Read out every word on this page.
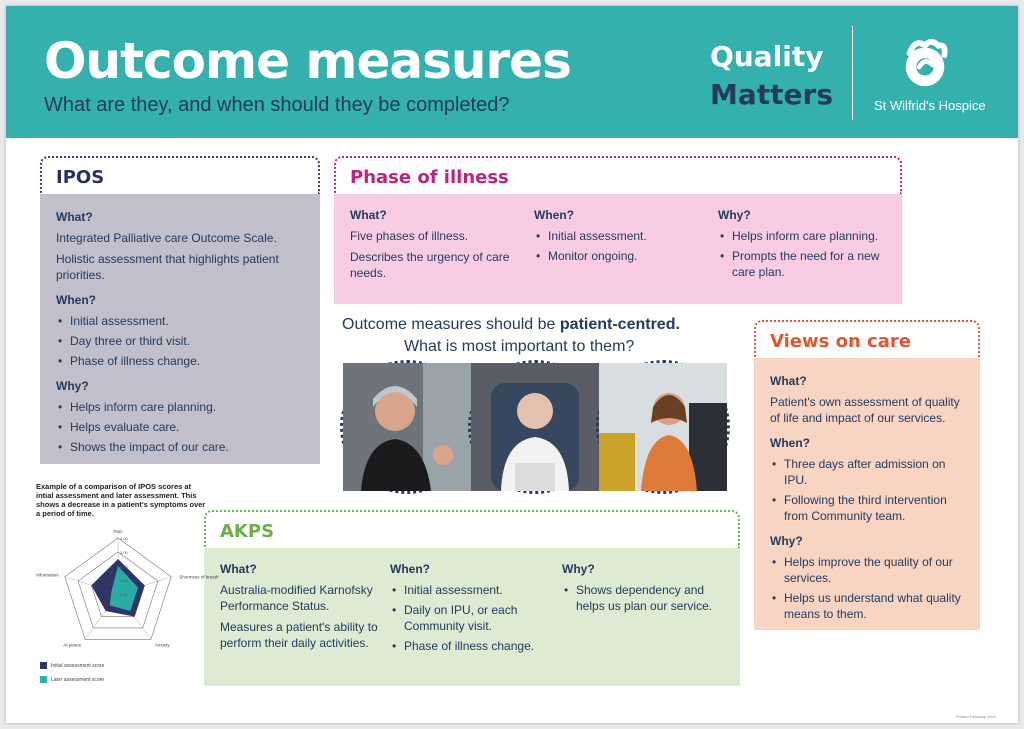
Outcome measures
What are they, and when should they be completed?
Quality
Matters	St Wilfrid's Hospice
IPOS
What?
Integrated Palliative care Outcome Scale.
Holistic assessment that highlights patient priorities.
When?
• Initial assessment.
• Day three or third visit.
• Phase of illness change.
Why?
• Helps inform care planning.
• Helps evaluate care.
• Shows the impact of our care.
Phase of illness
What?
Five phases of illness.
Describes the urgency of care needs.
When?
• Initial assessment.
• Monitor ongoing.
Why?
• Helps inform care planning.
• Prompts the need for a new care plan.
Outcome measures should be patient-centred.
What is most important to them?	Views on care
What?
Patient's own assessment of quality of life and impact of our services.
When?
• Three days after admission on IPU.
• Following the third intervention from Community team.
Why?
• Helps improve the quality of our services.
• Helps us understand what quality means to them.
AKPS
What?
Australia-modified Karnofsky Performance Status.
Measures a patient's ability to perform their daily activities.
When?
• Initial assessment.
• Daily on IPU, or each Community visit.
• Phase of illness change.
Why?
• Shows dependency and helps us plan our service.
Example of a comparison of IPOS scores at intial assessment and later assessment. This shows a decrease in a patient's symptoms over a period of time.
4.00
3.00
2.00
1.00
0.00
Pain
Shortness of breath
Anxiety
At peace
Information
Initial assessment score
Later assessment score
Printed February 2024
